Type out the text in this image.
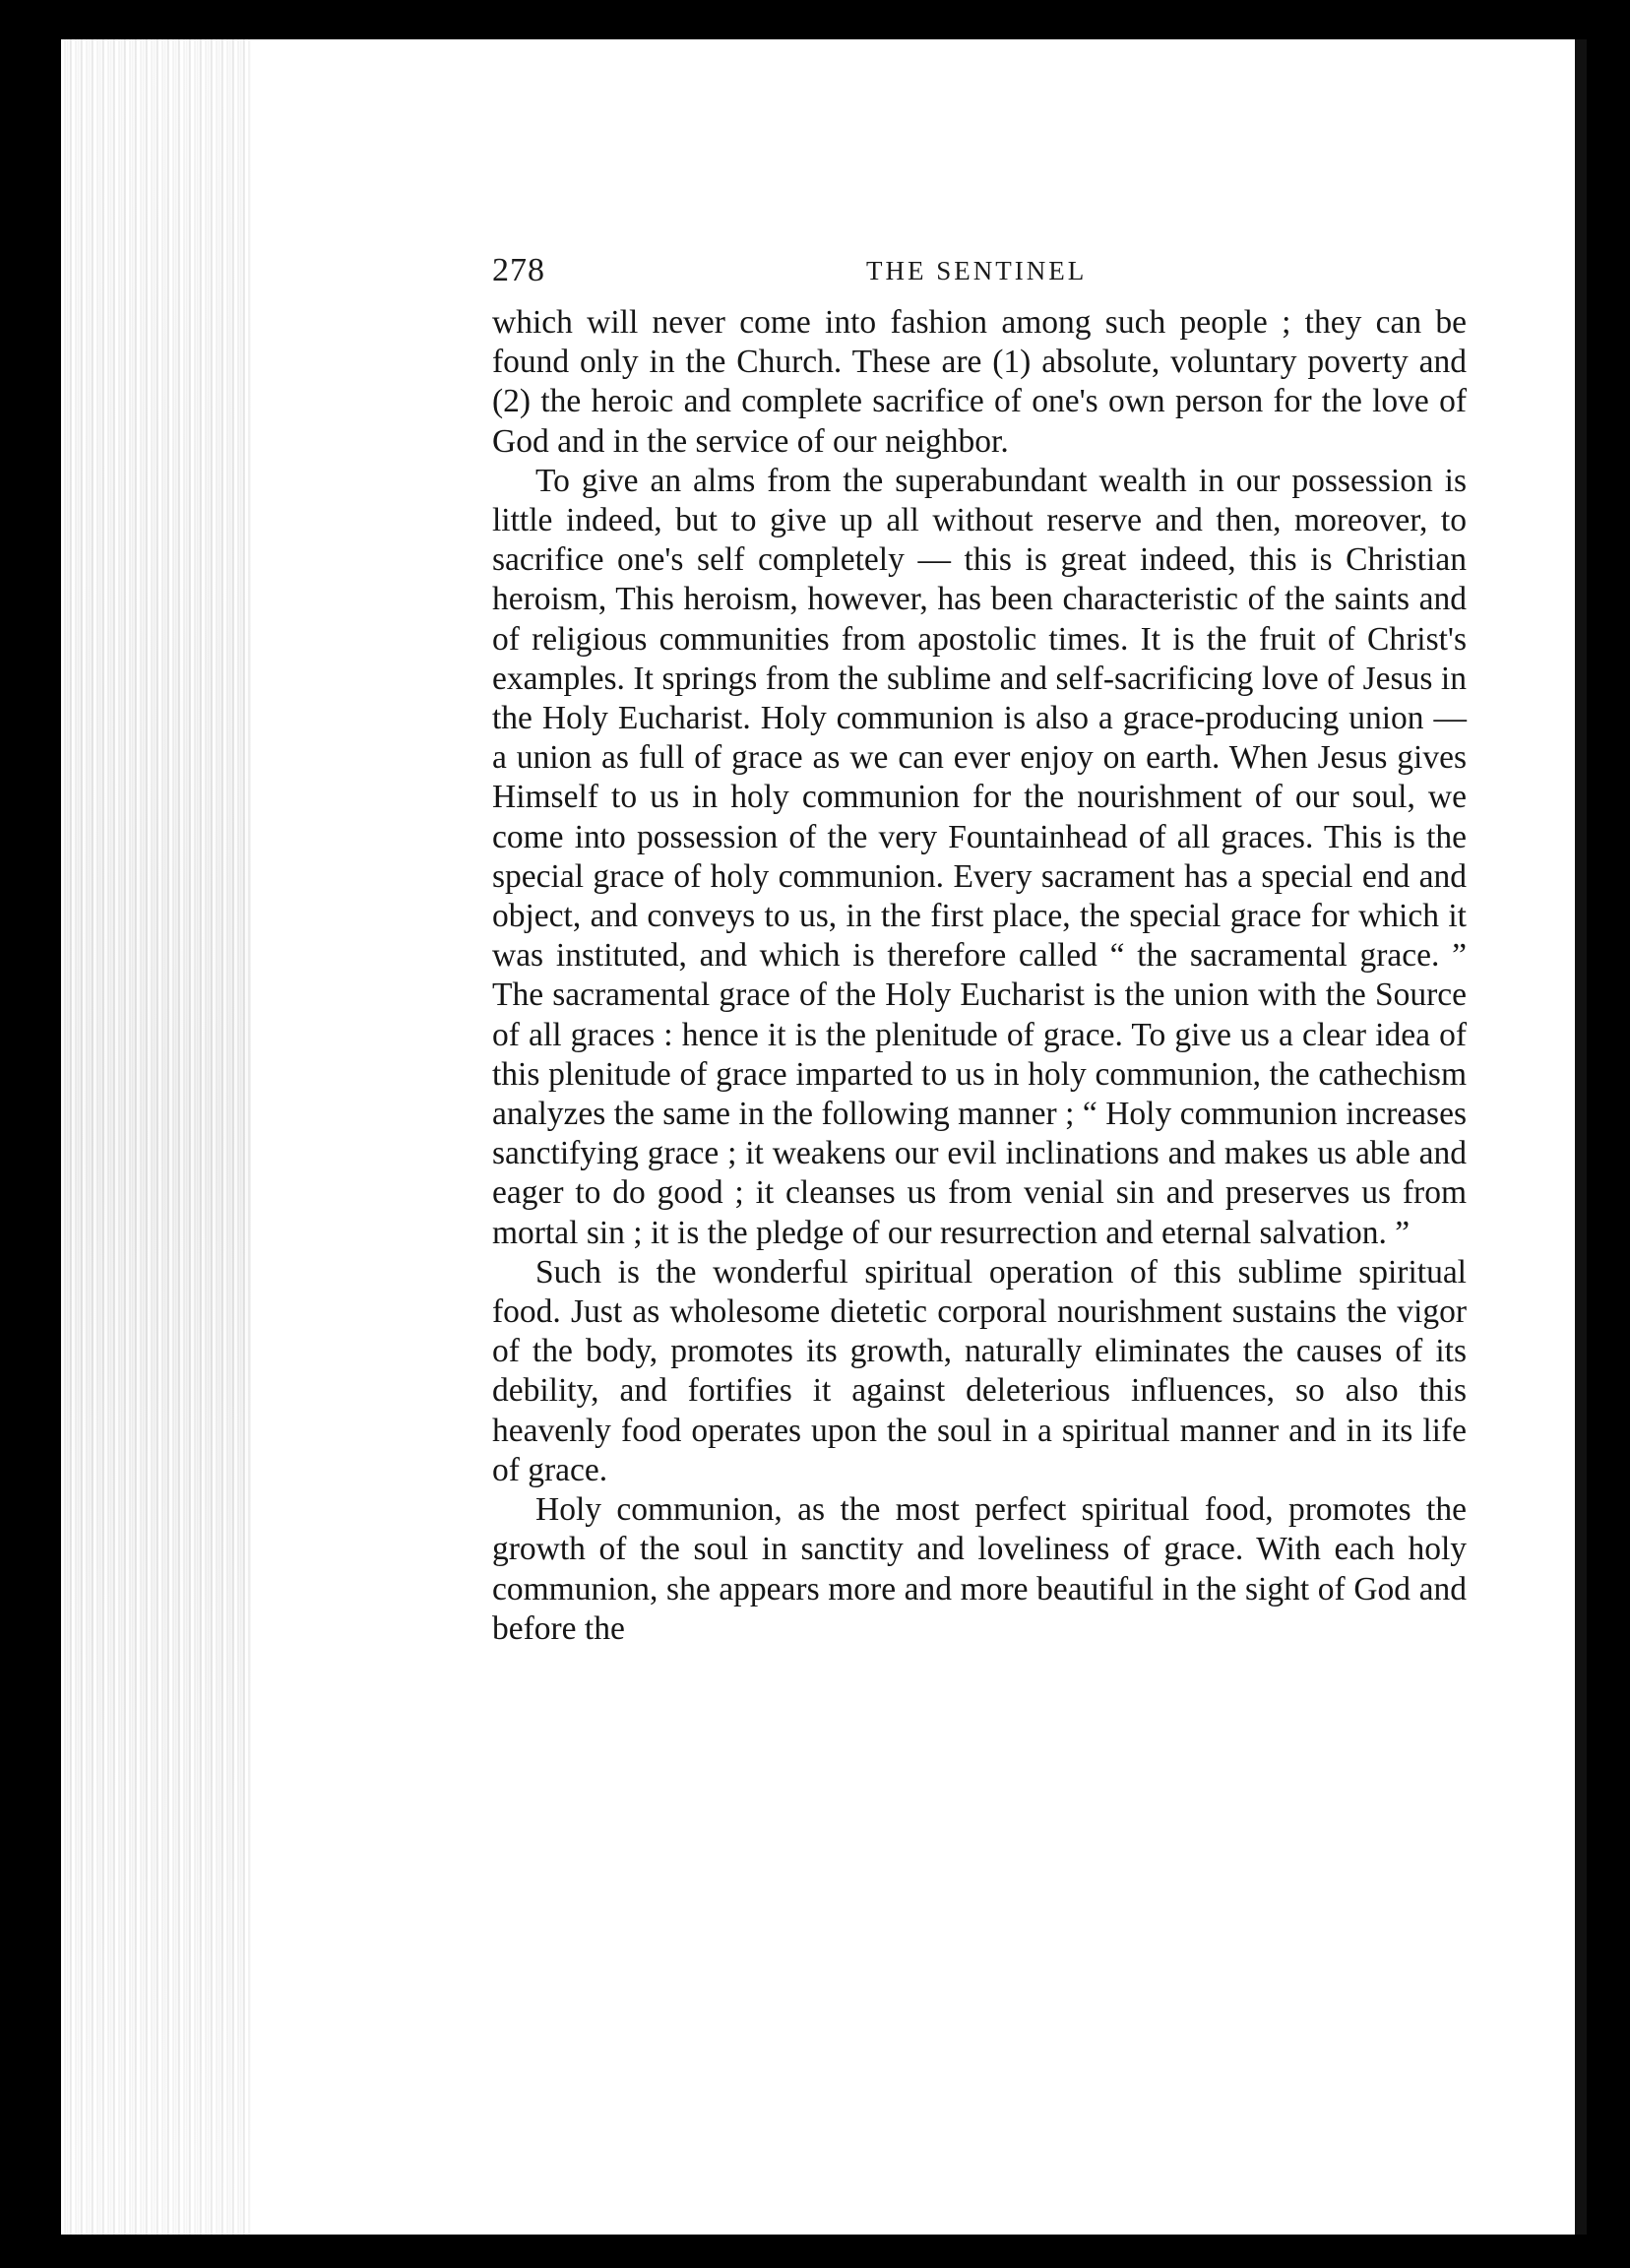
278	THE SENTINEL

which will never come into fashion among such people ; they can be found only in the Church. These are (1) absolute, voluntary poverty and (2) the heroic and complete sacrifice of one's own person for the love of God and in the service of our neighbor.

To give an alms from the superabundant wealth in our possession is little indeed, but to give up all without reserve and then, moreover, to sacrifice one's self completely — this is great indeed, this is Christian heroism, This heroism, however, has been characteristic of the saints and of religious communities from apostolic times. It is the fruit of Christ's examples. It springs from the sublime and self-sacrificing love of Jesus in the Holy Eucharist. Holy communion is also a grace-producing union — a union as full of grace as we can ever enjoy on earth. When Jesus gives Himself to us in holy communion for the nourishment of our soul, we come into possession of the very Fountainhead of all graces. This is the special grace of holy communion. Every sacrament has a special end and object, and conveys to us, in the first place, the special grace for which it was instituted, and which is therefore called “ the sacramental grace. ” The sacramental grace of the Holy Eucharist is the union with the Source of all graces : hence it is the plenitude of grace. To give us a clear idea of this plenitude of grace imparted to us in holy communion, the cathechism analyzes the same in the following manner ; “ Holy communion increases sanctifying grace ; it weakens our evil inclinations and makes us able and eager to do good ; it cleanses us from venial sin and preserves us from mortal sin ; it is the pledge of our resurrection and eternal salvation. ”

Such is the wonderful spiritual operation of this sublime spiritual food. Just as wholesome dietetic corporal nourishment sustains the vigor of the body, promotes its growth, naturally eliminates the causes of its debility, and fortifies it against deleterious influences, so also this heavenly food operates upon the soul in a spiritual manner and in its life of grace.

Holy communion, as the most perfect spiritual food, promotes the growth of the soul in sanctity and loveliness of grace. With each holy communion, she appears more and more beautiful in the sight of God and before the
